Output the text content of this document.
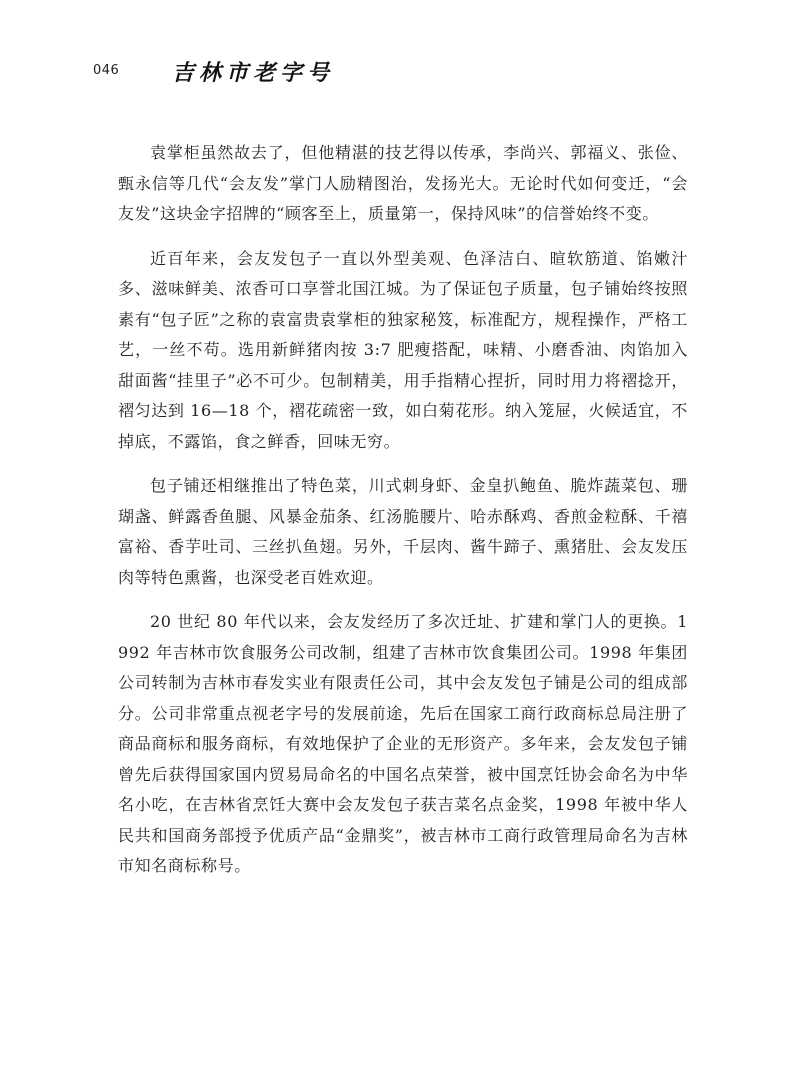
046 吉林市老字号

袁掌柜虽然故去了，但他精湛的技艺得以传承，李尚兴、郭福义、张俭、甄永信等几代“会友发”掌门人励精图治，发扬光大。无论时代如何变迁，“会友发”这块金字招牌的“顾客至上，质量第一，保持风味”的信誉始终不变。

近百年来，会友发包子一直以外型美观、色泽洁白、暄软筋道、馅嫩汁多、滋味鲜美、浓香可口享誉北国江城。为了保证包子质量，包子铺始终按照素有“包子匠”之称的袁富贵袁掌柜的独家秘笈，标准配方，规程操作，严格工艺，一丝不苟。选用新鲜猪肉按 3:7 肥瘦搭配，味精、小磨香油、肉馅加入甜面酱“挂里子”必不可少。包制精美，用手指精心捏折，同时用力将褶捻开，褶匀达到 16—18 个，褶花疏密一致，如白菊花形。纳入笼屉，火候适宜，不掉底，不露馅，食之鲜香，回味无穷。

包子铺还相继推出了特色菜，川式刺身虾、金皇扒鲍鱼、脆炸蔬菜包、珊瑚盏、鲜露香鱼腿、风暴金茄条、红汤脆腰片、哈赤酥鸡、香煎金粒酥、千禧富裕、香芋吐司、三丝扒鱼翅。另外，千层肉、酱牛蹄子、熏猪肚、会友发压肉等特色熏酱，也深受老百姓欢迎。

20 世纪 80 年代以来，会友发经历了多次迁址、扩建和掌门人的更换。1992 年吉林市饮食服务公司改制，组建了吉林市饮食集团公司。1998 年集团公司转制为吉林市春发实业有限责任公司，其中会友发包子铺是公司的组成部分。公司非常重点视老字号的发展前途，先后在国家工商行政商标总局注册了商品商标和服务商标，有效地保护了企业的无形资产。多年来，会友发包子铺曾先后获得国家国内贸易局命名的中国名点荣誉，被中国烹饪协会命名为中华名小吃，在吉林省烹饪大赛中会友发包子获吉菜名点金奖，1998 年被中华人民共和国商务部授予优质产品“金鼎奖”，被吉林市工商行政管理局命名为吉林市知名商标称号。
